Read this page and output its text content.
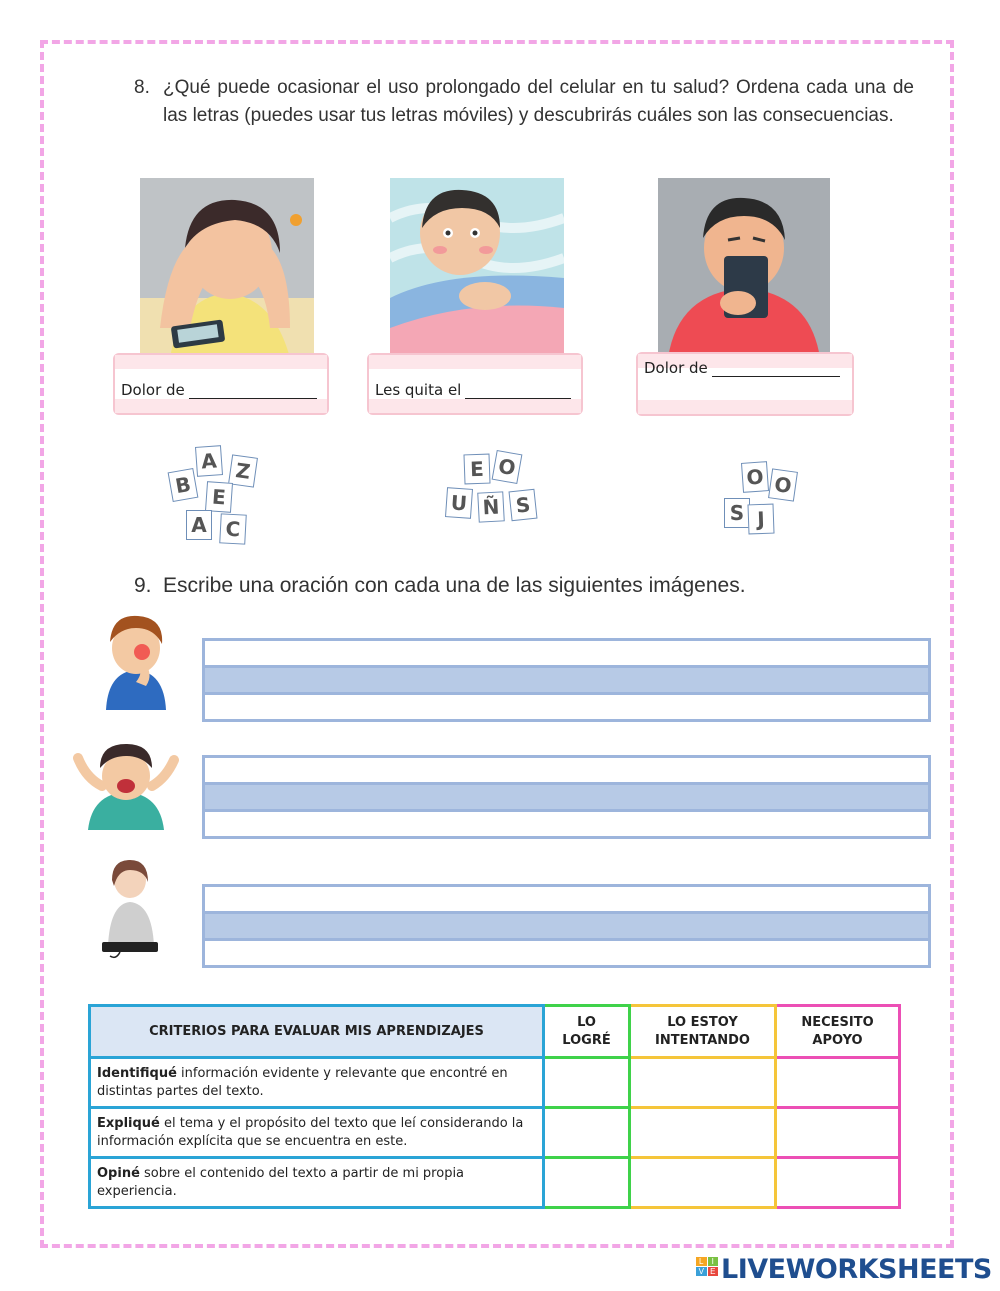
8. ¿Qué puede ocasionar el uso prolongado del celular en tu salud? Ordena cada una de las letras (puedes usar tus letras móviles) y descubrirás cuáles son las consecuencias.
Dolor de	Les quita el
Dolor de
A Z
B E
A C
E O
U Ñ S
O O
S J
9. Escribe una oración con cada una de las siguientes imágenes.
CRITERIOS PARA EVALUAR MIS APRENDIZAJES	LO LOGRÉ	LO ESTOY INTENTANDO	NECESITO APOYO
Identifiqué información evidente y relevante que encontré en distintas partes del texto.			
Expliqué el tema y el propósito del texto que leí considerando la información explícita que se encuentra en este.			
Opiné sobre el contenido del texto a partir de mi propia experiencia.			
L	I
V E LIVEWORKSHEETS
